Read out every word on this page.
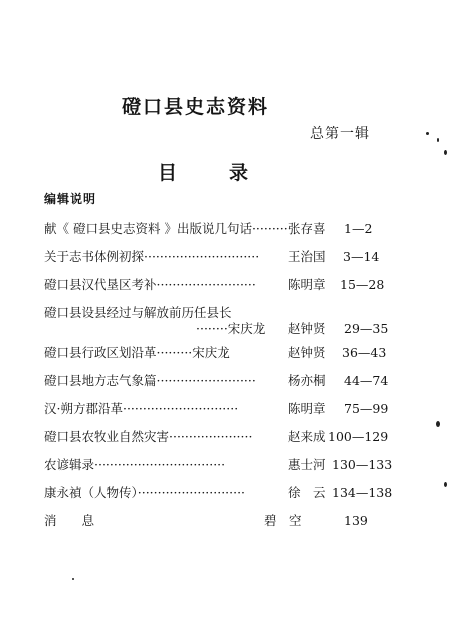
磴口县史志资料
总第一辑
目	录
编辑说明
献《 磴口县史志资料 》出版说几句话········· 张存喜 1—2
关于志书体例初探····························· 王治国 3—14
磴口县汉代垦区考补·························	陈明章 15—28
磴口县设县经过与解放前历任县长
········宋庆龙 赵钟贤 29—35
磴口县行政区划沿革·········宋庆龙	赵钟贤 36—43
磴口县地方志气象篇·························	杨亦桐 44—74
汉·朔方郡沿革·····························	陈明章 75—99
磴口县农牧业自然灾害·····················	赵来成 100—129
农谚辑录·································	惠士河 130—133
康永禎（人物传）···························	徐　云 134—138
消　　息	碧　空	139
